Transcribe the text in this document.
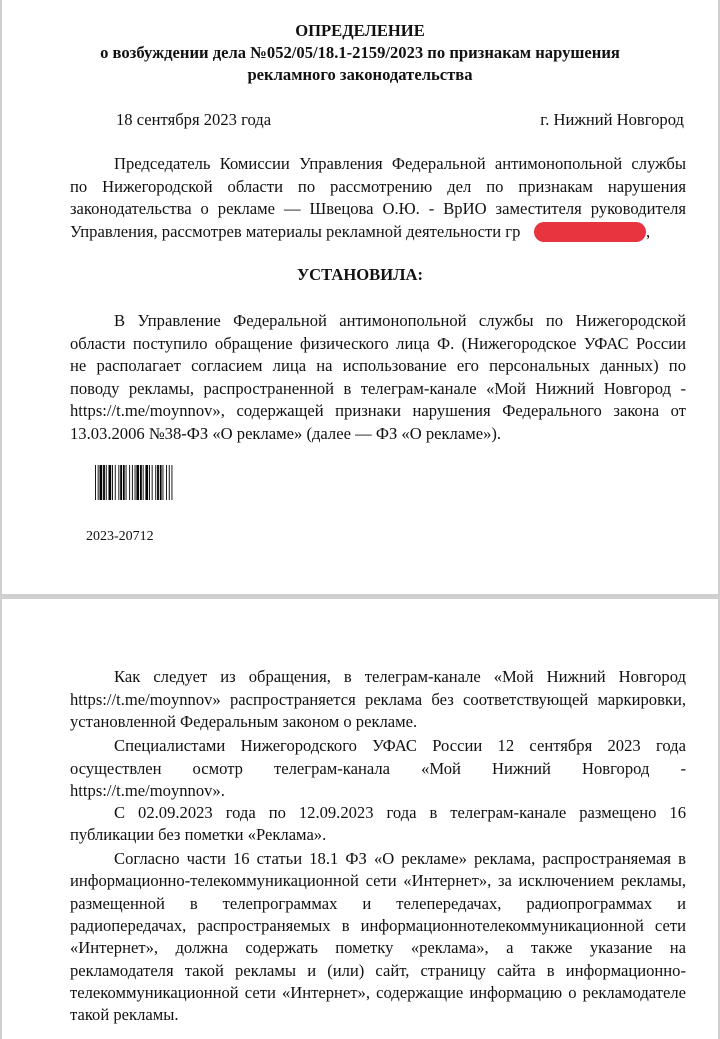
ОПРЕДЕЛЕНИЕ
о возбуждении дела №052/05/18.1-2159/2023 по признакам нарушения
рекламного законодательства
18 сентября 2023 года	г. Нижний Новгород
Председатель Комиссии Управления Федеральной антимонопольной службы
по Нижегородской области по рассмотрению дел по признакам нарушения
законодательства о рекламе — Швецова О.Ю. - ВрИО заместителя руководителя
Управления, рассмотрев материалы рекламной деятельности гр	,
УСТАНОВИЛА:
В Управление Федеральной антимонопольной службы по Нижегородской
области поступило обращение физического лица Ф. (Нижегородское УФАС России
не располагает согласием лица на использование его персональных данных) по
поводу рекламы, распространенной в телеграм-канале «Мой Нижний Новгород -
https://t.me/moynnov», содержащей признаки нарушения Федерального закона от
13.03.2006 №38-ФЗ «О рекламе» (далее — ФЗ «О рекламе»).
2023-20712
Как следует из обращения, в телеграм-канале «Мой Нижний Новгород
https://t.me/moynnov» распространяется реклама без соответствующей маркировки,
установленной Федеральным законом о рекламе.
Специалистами Нижегородского УФАС России 12 сентября 2023 года
осуществлен осмотр телеграм-канала «Мой Нижний Новгород -
https://t.me/moynnov».
С 02.09.2023 года по 12.09.2023 года в телеграм-канале размещено 16
публикации без пометки «Реклама».
Согласно части 16 статьи 18.1 ФЗ «О рекламе» реклама, распространяемая в
информационно-телекоммуникационной сети «Интернет», за исключением рекламы,
размещенной в телепрограммах и телепередачах, радиопрограммах и
радиопередачах, распространяемых в информационнотелекоммуникационной сети
«Интернет», должна содержать пометку «реклама», а также указание на
рекламодателя такой рекламы и (или) сайт, страницу сайта в информационно-
телекоммуникационной сети «Интернет», содержащие информацию о рекламодателе
такой рекламы.
